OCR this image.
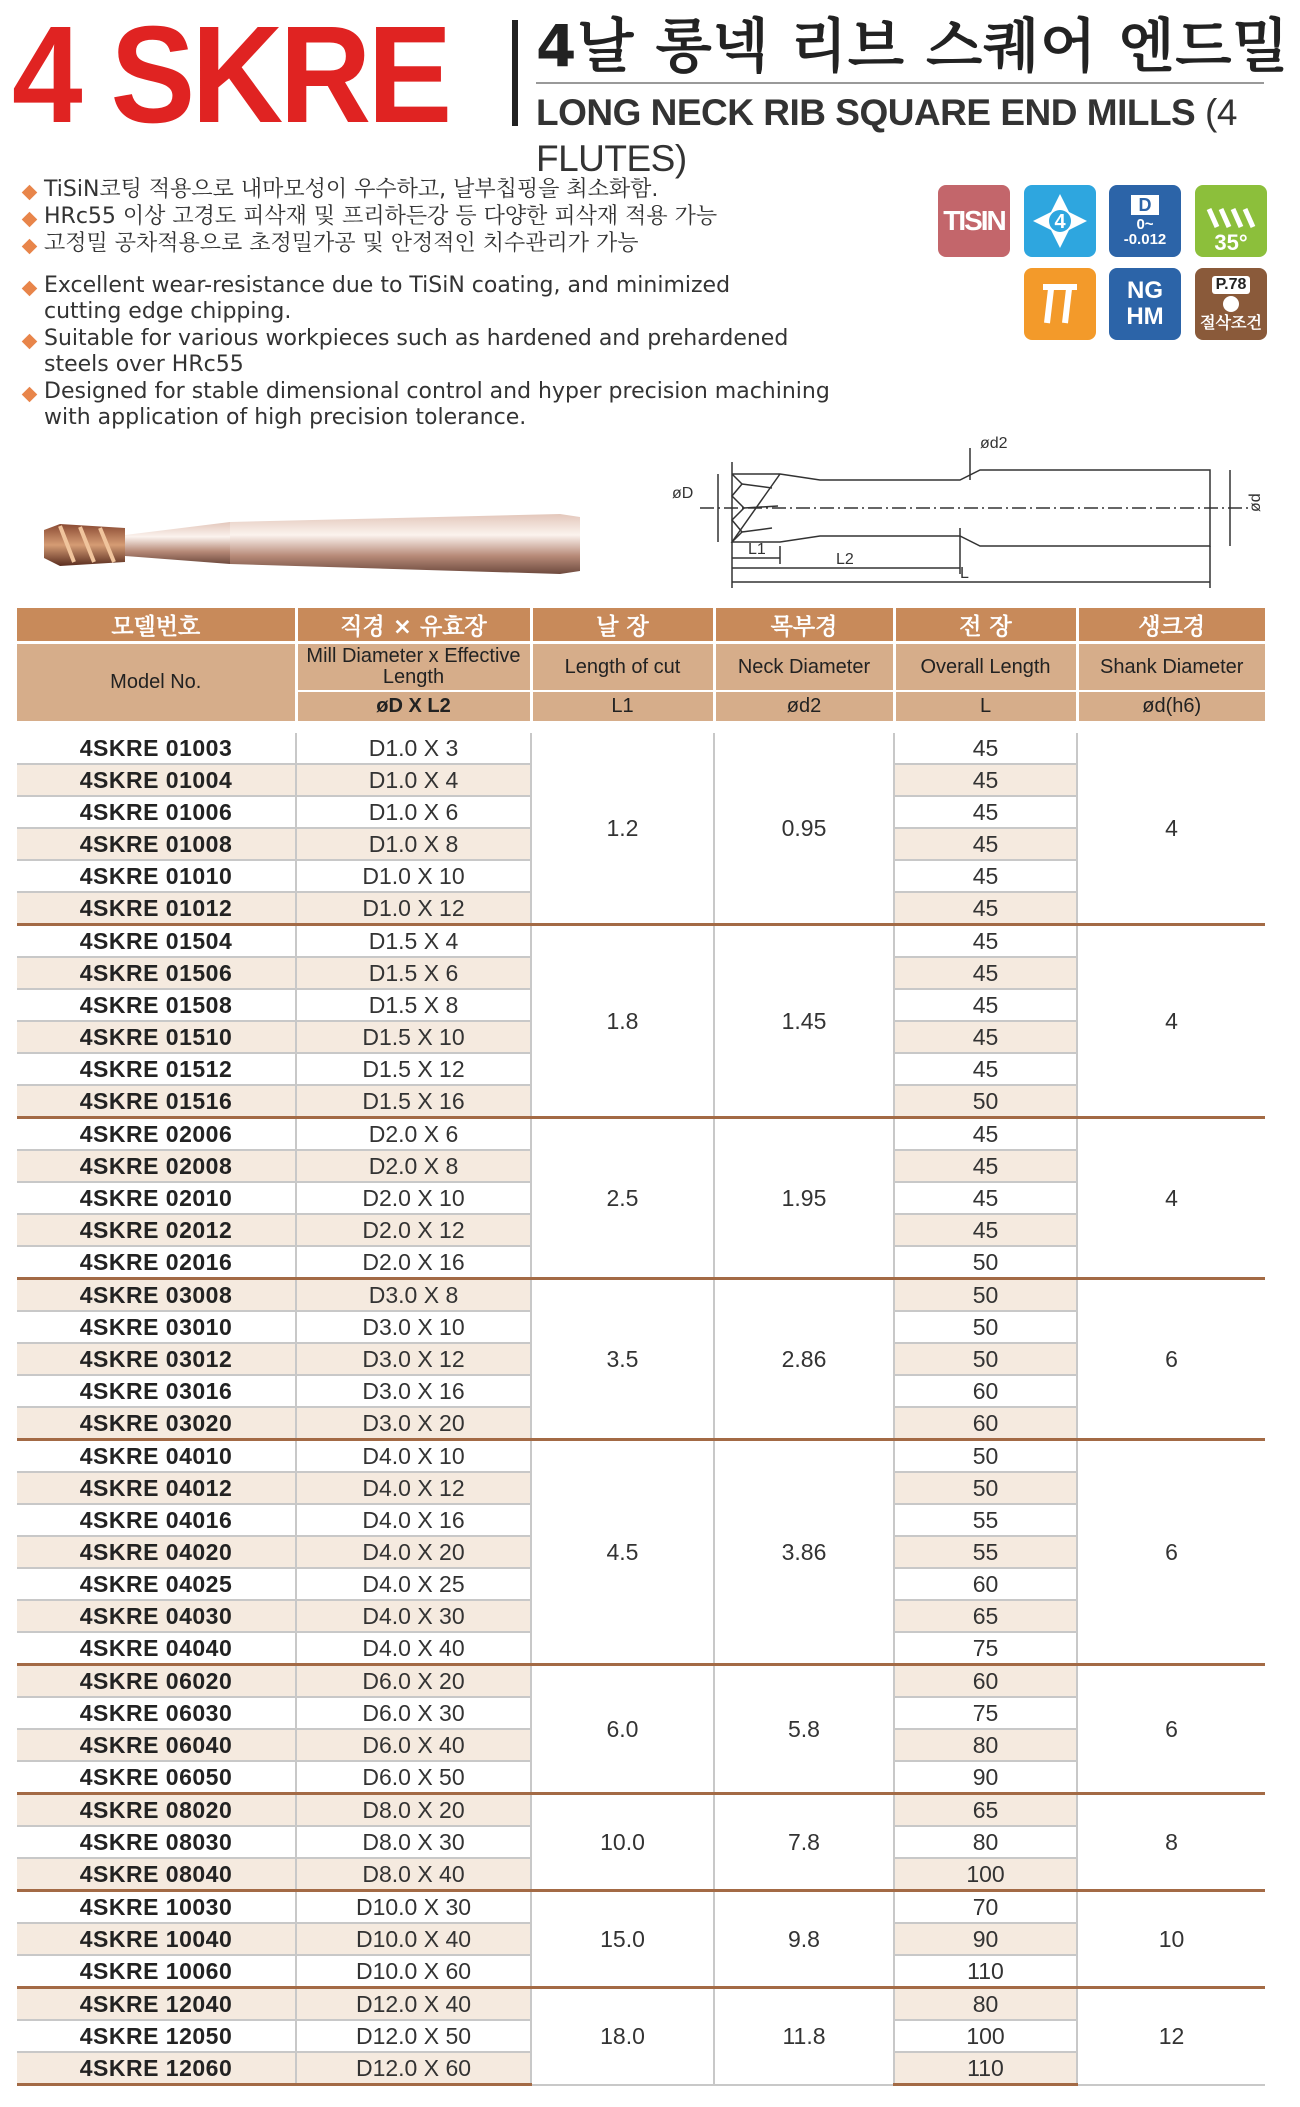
4 SKRE 4날 롱넥 리브 스퀘어 엔드밀
LONG NECK RIB SQUARE END MILLS (4 FLUTES)
TiSiN코팅 적용으로 내마모성이 우수하고, 날부칩핑을 최소화함.
HRc55 이상 고경도 피삭재 및 프리하든강 등 다양한 피삭재 적용 가능
고정밀 공차적용으로 초정밀가공 및 안정적인 치수관리가 가능
Excellent wear-resistance due to TiSiN coating, and minimized
cutting edge chipping.
Suitable for various workpieces such as hardened and prehardened
steels over HRc55
Designed for stable dimensional control and hyper precision machining
with application of high precision tolerance.
TISIN 4
D
0~
-0.012 35°
NG
HM
P.78
절삭조건
ød2
øD	ød
L1
L2
L
모델번호	직경 × 유효장	날 장	목부경	전 장	생크경
Model No.	Mill Diameter x Effective Length	Length of cut	Neck Diameter	Overall Length	Shank Diameter
	øD X L2	L1	ød2	L	ød(h6)

4SKRE 01003	D1.0 X 3	1.2	0.95	45	4
4SKRE 01004	D1.0 X 4			45	
4SKRE 01006	D1.0 X 6			45	
4SKRE 01008	D1.0 X 8			45	
4SKRE 01010	D1.0 X 10			45	
4SKRE 01012	D1.0 X 12			45	
4SKRE 01504	D1.5 X 4	1.8	1.45	45	4
4SKRE 01506	D1.5 X 6			45	
4SKRE 01508	D1.5 X 8			45	
4SKRE 01510	D1.5 X 10			45	
4SKRE 01512	D1.5 X 12			45	
4SKRE 01516	D1.5 X 16			50	
4SKRE 02006	D2.0 X 6	2.5	1.95	45	4
4SKRE 02008	D2.0 X 8			45	
4SKRE 02010	D2.0 X 10			45	
4SKRE 02012	D2.0 X 12			45	
4SKRE 02016	D2.0 X 16			50	
4SKRE 03008	D3.0 X 8	3.5	2.86	50	6
4SKRE 03010	D3.0 X 10			50	
4SKRE 03012	D3.0 X 12			50	
4SKRE 03016	D3.0 X 16			60	
4SKRE 03020	D3.0 X 20			60	
4SKRE 04010	D4.0 X 10	4.5	3.86	50	6
4SKRE 04012	D4.0 X 12			50	
4SKRE 04016	D4.0 X 16			55	
4SKRE 04020	D4.0 X 20			55	
4SKRE 04025	D4.0 X 25			60	
4SKRE 04030	D4.0 X 30			65	
4SKRE 04040	D4.0 X 40			75	
4SKRE 06020	D6.0 X 20	6.0	5.8	60	6
4SKRE 06030	D6.0 X 30			75	
4SKRE 06040	D6.0 X 40			80	
4SKRE 06050	D6.0 X 50			90	
4SKRE 08020	D8.0 X 20	10.0	7.8	65	8
4SKRE 08030	D8.0 X 30			80	
4SKRE 08040	D8.0 X 40			100	
4SKRE 10030	D10.0 X 30	15.0	9.8	70	10
4SKRE 10040	D10.0 X 40			90	
4SKRE 10060	D10.0 X 60			110	
4SKRE 12040	D12.0 X 40	18.0	11.8	80	12
4SKRE 12050	D12.0 X 50			100	
4SKRE 12060	D12.0 X 60			110	
